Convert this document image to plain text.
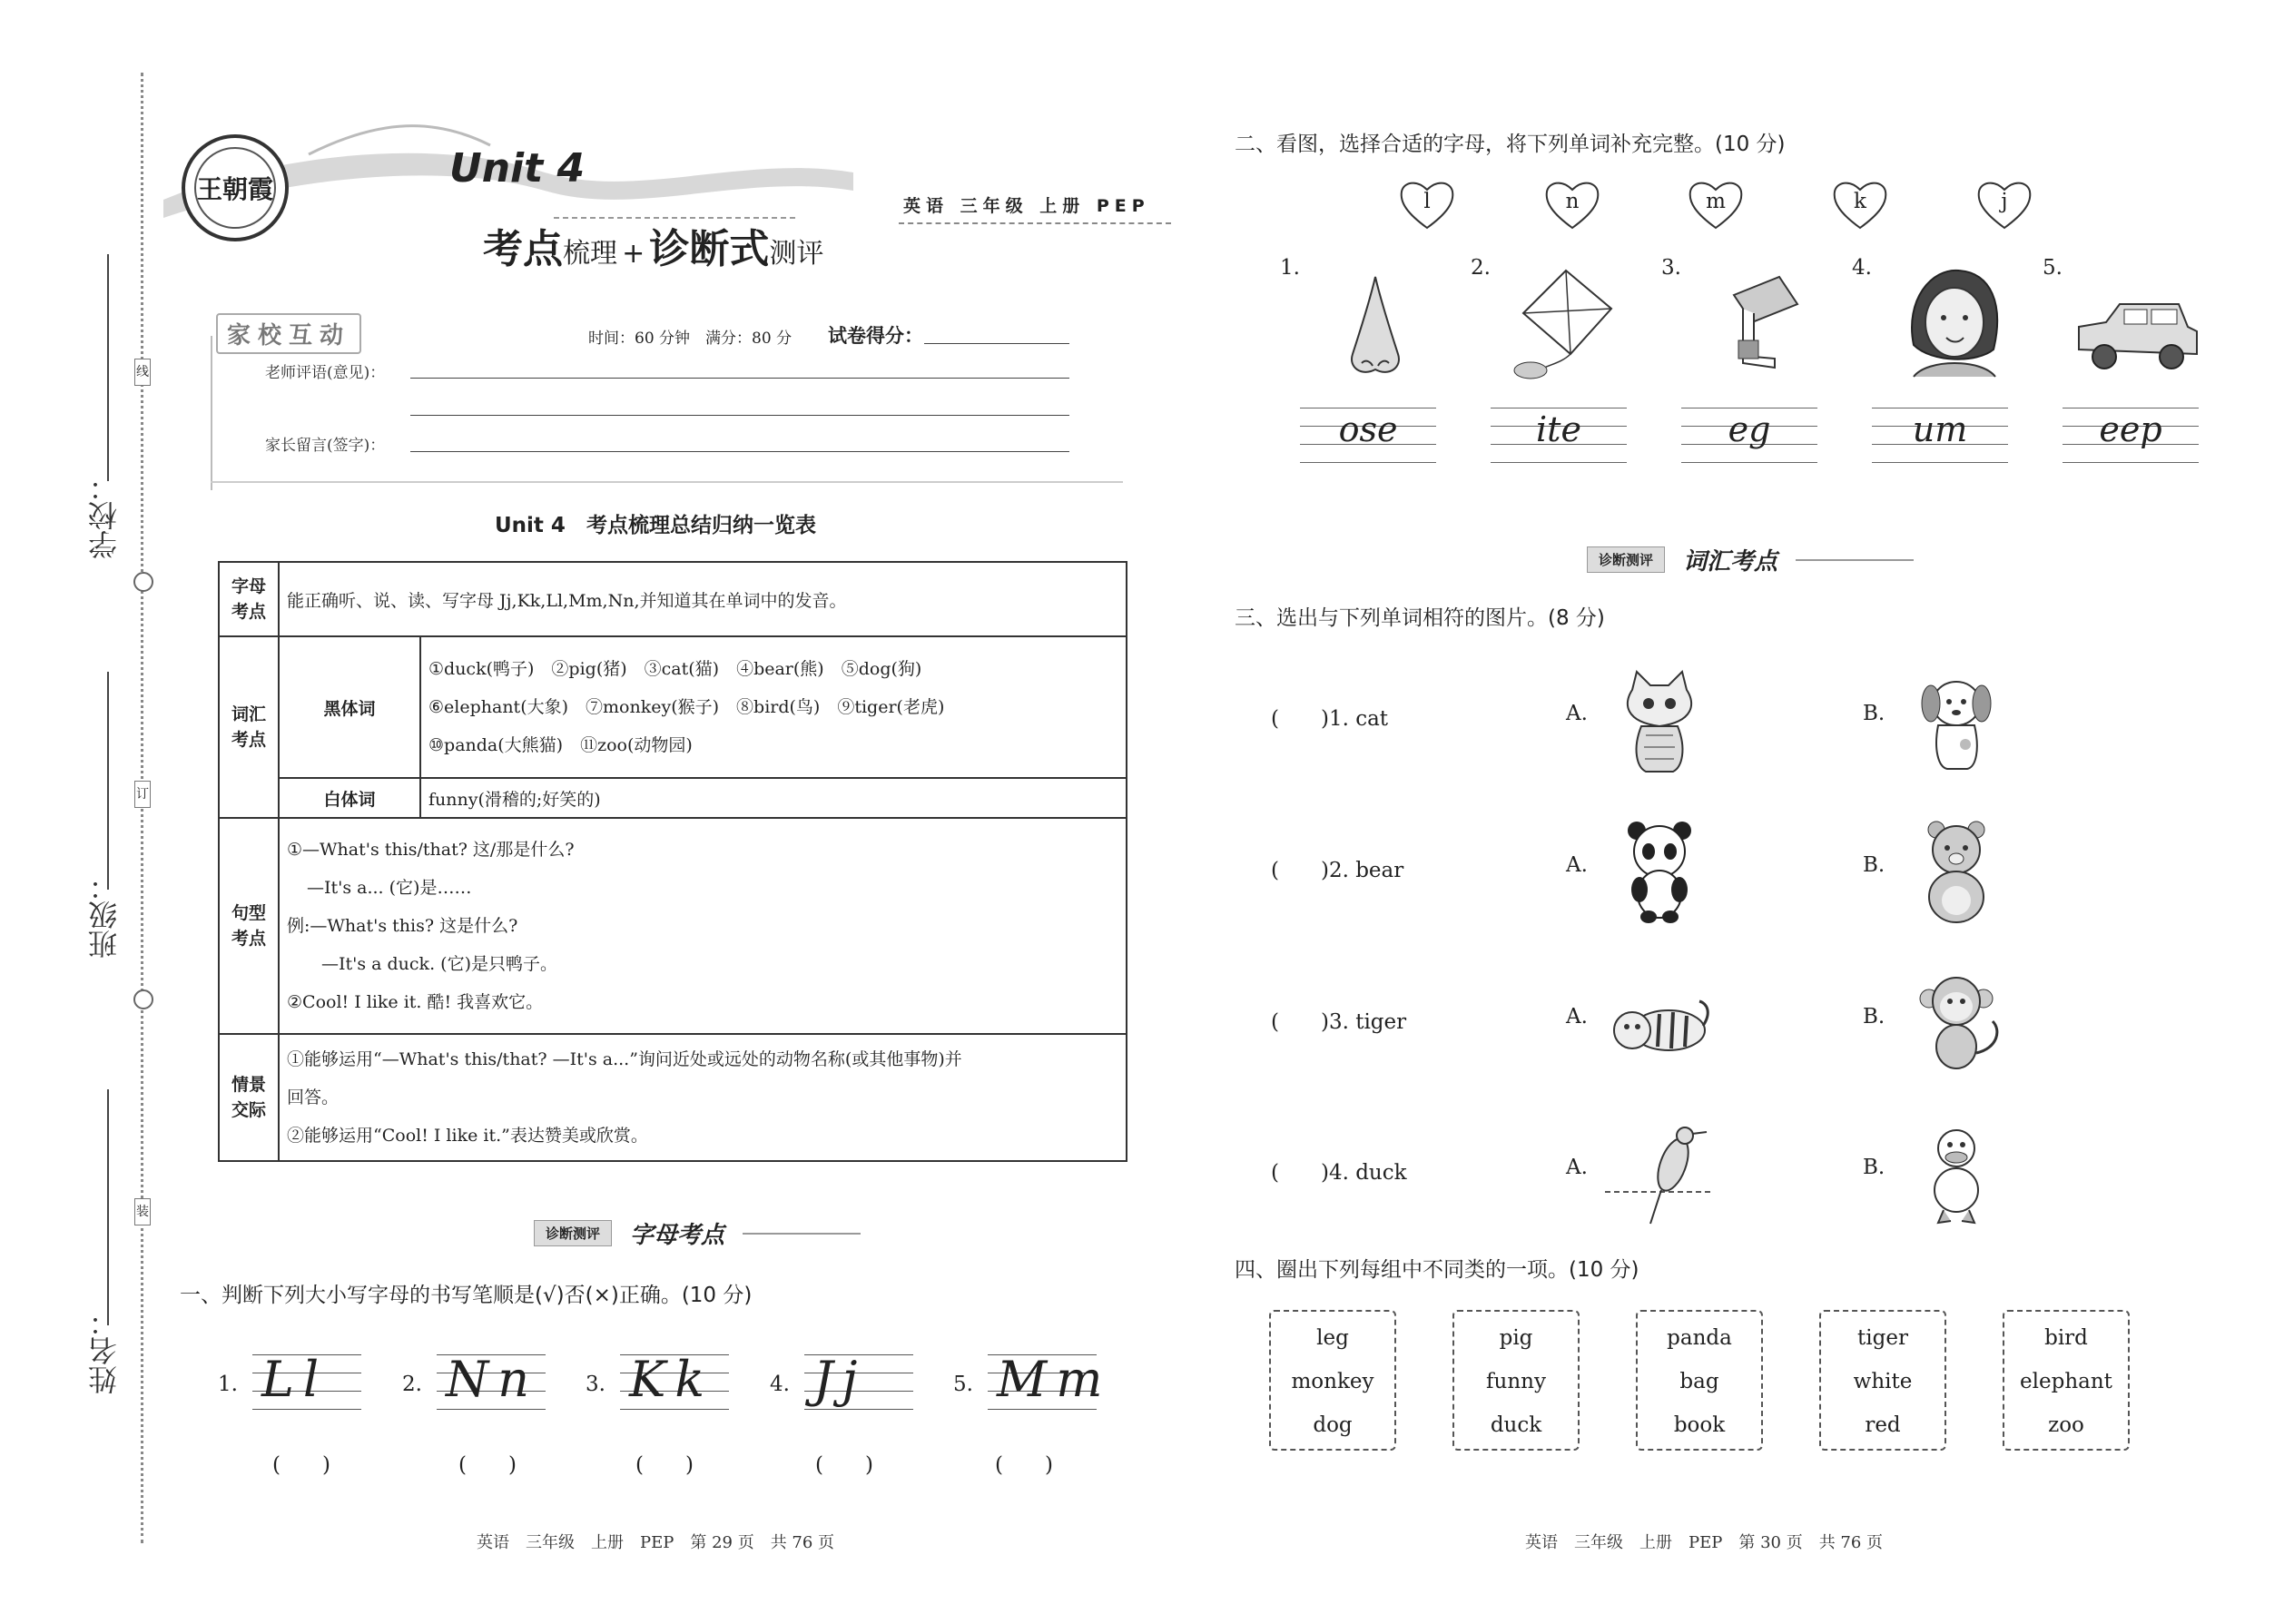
学校：
线
班级：
订
姓名：
装
王朝霞	Unit 4
考点梳理 + 诊断式测评
英语 三年级 上册 PEP
家校互动	时间：60 分钟　满分：80 分 试卷得分：
老师评语(意见)：
家长留言(签字)：
Unit 4　考点梳理总结归纳一览表
字母考点	能正确听、说、读、写字母 Jj,Kk,Ll,Mm,Nn,并知道其在单词中的发音。	
词汇考点	黑体词	①duck(鸭子)　②pig(猪)　③cat(猫)　④bear(熊)　⑤dog(狗)
⑥elephant(大象)　⑦monkey(猴子)　⑧bird(鸟)　⑨tiger(老虎)
⑩panda(大熊猫)　⑪zoo(动物园)

	白体词	funny(滑稽的;好笑的)
句型考点	①—What's this/that? 这/那是什么?
—It's a... (它)是……
例:—What's this? 这是什么?
—It's a duck. (它)是只鸭子。
②Cool! I like it. 酷! 我喜欢它。	

情景交际	①能够运用“—What's this/that? —It's a...”询问近处或远处的动物名称(或其他事物)并
回答。
②能够运用“Cool! I like it.”表达赞美或欣赏。	
诊断测评	字母考点
一、判断下列大小写字母的书写笔顺是(√)否(×)正确。(10 分)
1. Ll	2. Nn 3. Kk	4. Jj	5. Mm
(　　)	(　　)	(　　)	(　　)	(　　)
英语　三年级　上册　PEP　第 29 页　共 76 页
二、看图，选择合适的字母，将下列单词补充完整。(10 分)
l	n	m	k	j
1.	2.	3.	4.	5.
ose	ite	eg	um	eep
诊断测评	词汇考点
三、选出与下列单词相符的图片。(8 分)
(　　)1. cat	A.	B.
(　　)2. bear	A.	B.
(　　)3. tiger	A.	B.
(　　)4. duck	A.	B.
四、圈出下列每组中不同类的一项。(10 分)
leg
monkey
dog
pig
funny
duck
panda
bag
book
tiger
white
red
bird
elephant
zoo
英语　三年级　上册　PEP　第 30 页　共 76 页
